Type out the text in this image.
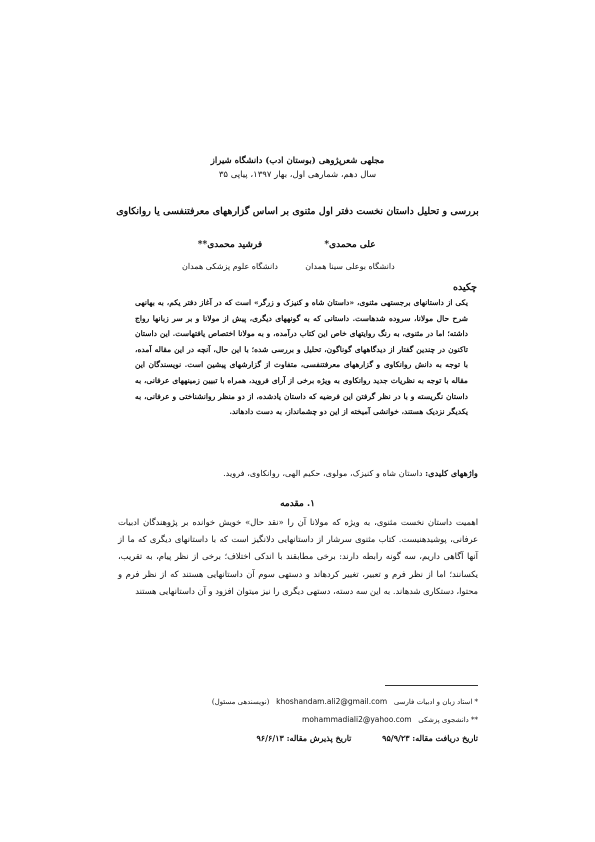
مجلهی شعرپژوهی (بوستان ادب) دانشگاه شیراز
سال دهم، شمارهی اول، بهار ۱۳۹۷، پیاپی ۳۵
بررسی و تحلیل داستان نخست دفتر اول مثنوی بر اساس گزارههای معرفتنفسی یا روانکاوی
علی محمدی*
فرشید محمدی**
دانشگاه بوعلی سینا همدان
دانشگاه علوم پزشکی همدان
چکیده
یکی از داستانهای برجستهی مثنوی، «داستان شاه و کنیزک و زرگر» است که در آغاز دفتر یکم، به بهانهی شرح حال مولانا، سروده شدهاست. داستانی که به گونههای دیگری، پیش از مولانا و بر سر زبانها رواج داشته؛ اما در مثنوی، به رنگ روایتهای خاص این کتاب درآمده، و به مولانا اختصاص یافتهاست. این داستان تاکنون در چندین گفتار از دیدگاههای گوناگون، تحلیل و بررسی شده؛ با این حال، آنچه در این مقاله آمده، با توجه به دانش روانکاوی و گزارههای معرفتنفسی، متفاوت از گزارشهای پیشین است. نویسندگان این مقاله با توجه به نظریات جدید روانکاوی به ویژه برخی از آرای فروید، همراه با تبیین زمینههای عرفانی، به داستان نگریسته و با در نظر گرفتن این فرضیه که داستان یادشده، از دو منظر روانشناختی و عرفانی، به یکدیگر نزدیک هستند، خوانشی آمیخته از این دو چشمانداز، به دست دادهاند.
واژههای کلیدی: داستان شاه و کنیزک، مولوی، حکیم الهی، روانکاوی، فروید.
۱. مقدمه
اهمیت داستان نخست مثنوی، به ویژه که مولانا آن را «نقد حال» خویش خوانده بر پژوهندگان ادبیات عرفانی، پوشیدهنیست. کتاب مثنوی سرشار از داستانهایی دلانگیز است که با داستانهای دیگری که ما از آنها آگاهی داریم، سه گونه رابطه دارند: برخی مطابقند با اندکی اختلاف؛ برخی از نظر پیام، به تقریب، یکسانند؛ اما از نظر فرم و تعبیر، تغییر کردهاند و دستهی سوم آن داستانهایی هستند که از نظر فرم و محتوا، دستکاری شدهاند. به این سه دسته، دستهی دیگری را نیز میتوان افزود و آن داستانهایی هستند
* استاد زبان و ادبیات فارسی   khoshandam.ali2@gmail.com   (نویسندهی مسئول)
** دانشجوی پزشکی   mohammadiali2@yahoo.com
تاریخ دریافت مقاله: ۹۵/۹/۲۳ تاریخ پذیرش مقاله: ۹۶/۶/۱۳
